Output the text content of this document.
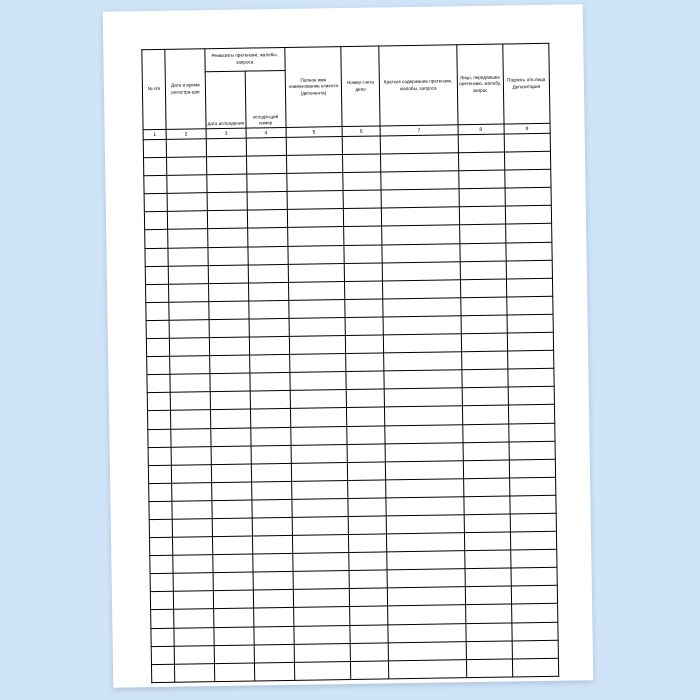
№ п/п	Дата и время регистра-ции	Реквизиты претензии, жалобы, запроса		Полное имя наименование клиента (депонента)	Номер счета депо	Краткое содержание претензии, жалобы, запроса	Лицо, передавшее претензию, жалобу, запрос	Подпись отв.лица Депозитария
		дата исполдения	исходя-щий номер					
1	2	3	4	5	6	7	8	9
